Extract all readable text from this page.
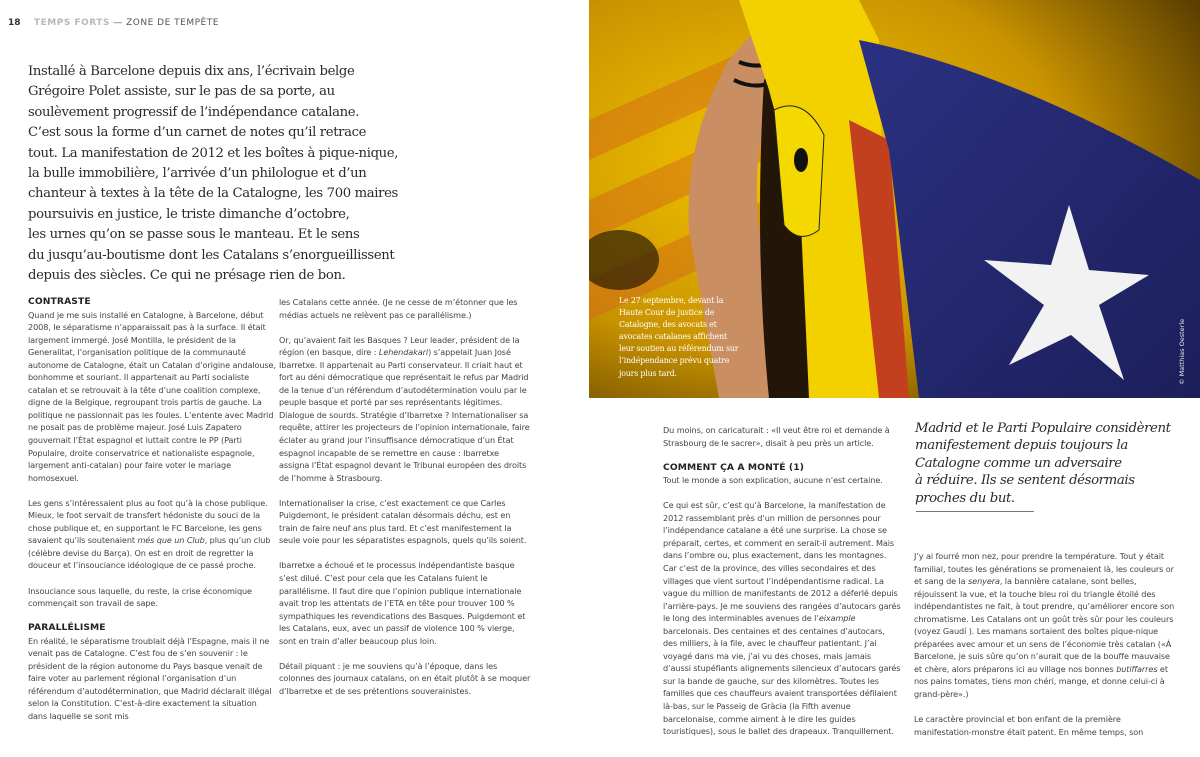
18 TEMPS FORTS — ZONE DE TEMPÊTE

Installé à Barcelone depuis dix ans, l’écrivain belge

Grégoire Polet assiste, sur le pas de sa porte, au

soulèvement progressif de l’indépendance catalane.

C’est sous la forme d’un carnet de notes qu’il retrace

tout. La manifestation de 2012 et les boîtes à pique-nique,

la bulle immobilière, l’arrivée d’un philologue et d’un

chanteur à textes à la tête de la Catalogne, les 700 maires

poursuivis en justice, le triste dimanche d’octobre,

les urnes qu’on se passe sous le manteau. Et le sens

du jusqu’au-boutisme dont les Catalans s’enorgueillissent

depuis des siècles. Ce qui ne présage rien de bon.

CONTRASTE

Quand je me suis installé en Catalogne, à Barcelone, début 2008, le séparatisme n’apparaissait pas à la surface. Il était largement immergé. José Montilla, le président de la Generalitat, l’organisation politique de la communauté autonome de Catalogne, était un Catalan d’origine andalouse, bonhomme et souriant. Il appartenait au Parti socialiste catalan et se retrouvait à la tête d’une coalition complexe, digne de la Belgique, regroupant trois partis de gauche. La politique ne passionnait pas les foules. L’entente avec Madrid ne posait pas de problème majeur. José Luis Zapatero gouvernait l’État espagnol et luttait contre le PP (Parti Populaire, droite conservatrice et nationaliste espagnole, largement anti-catalan) pour faire voter le mariage homosexuel.

Les gens s’intéressaient plus au foot qu’à la chose publique. Mieux, le foot servait de transfert hédoniste du souci de la chose publique et, en supportant le FC Barcelone, les gens savaient qu’ils soutenaient més que un Club, plus qu’un club (célèbre devise du Barça). On est en droit de regretter la douceur et l’insouciance idéologique de ce passé proche.

Insouciance sous laquelle, du reste, la crise économique commençait son travail de sape.

PARALLÉLISME

En réalité, le séparatisme troublait déjà l’Espagne, mais il ne venait pas de Catalogne. C’est fou de s’en souvenir : le président de la région autonome du Pays basque venait de faire voter au parlement régional l’organisation d’un référendum d’autodétermination, que Madrid déclarait illégal selon la Constitution. C’est-à-dire exactement la situation dans laquelle se sont mis

les Catalans cette année. (Je ne cesse de m’étonner que les médias actuels ne relèvent pas ce parallélisme.)

Or, qu’avaient fait les Basques ? Leur leader, président de la région (en basque, dire : Lehendakari) s’appelait Juan José Ibarretxe. Il appartenait au Parti conservateur. Il criait haut et fort au déni démocratique que représentait le refus par Madrid de la tenue d’un référendum d’autodétermination voulu par le peuple basque et porté par ses représentants légitimes. Dialogue de sourds. Stratégie d’Ibarretxe ? Internationaliser sa requête, attirer les projecteurs de l’opinion internationale, faire éclater au grand jour l’insuffisance démocratique d’un État espagnol incapable de se remettre en cause : Ibarretxe assigna l’État espagnol devant le Tribunal européen des droits de l’homme à Strasbourg.

Internationaliser la crise, c’est exactement ce que Carles Puigdemont, le président catalan désormais déchu, est en train de faire neuf ans plus tard. Et c’est manifestement la seule voie pour les séparatistes espagnols, quels qu’ils soient.

Ibarretxe a échoué et le processus indépendantiste basque s’est dilué. C’est pour cela que les Catalans fuient le parallélisme. Il faut dire que l’opinion publique internationale avait trop les attentats de l’ETA en tête pour trouver 100 % sympathiques les revendications des Basques. Puigdemont et les Catalans, eux, avec un passif de violence 100 % vierge, sont en train d’aller beaucoup plus loin.

Détail piquant : je me souviens qu’à l’époque, dans les colonnes des journaux catalans, on en était plutôt à se moquer d’Ibarretxe et de ses prétentions souverainistes.

Le 27 septembre, devant la

Haute Cour de justice de

Catalogne, des avocats et

avocates catalanes affichent

leur soutien au référendum sur

l’indépendance prévu quatre

jours plus tard.	© Matthias Oesterle

Du moins, on caricaturait : «Il veut être roi et demande à Strasbourg de le sacrer», disait à peu près un article.

COMMENT ÇA A MONTÉ (1)

Tout le monde a son explication, aucune n’est certaine.

Ce qui est sûr, c’est qu’à Barcelone, la manifestation de 2012 rassemblant près d’un million de personnes pour l’indépendance catalane a été une surprise. La chose se préparait, certes, et comment en serait-il autrement. Mais dans l’ombre ou, plus exactement, dans les montagnes. Car c’est de la province, des villes secondaires et des villages que vient surtout l’indépendantisme radical. La vague du million de manifestants de 2012 a déferlé depuis l’arrière-pays. Je me souviens des rangées d’autocars garés le long des interminables avenues de l’eixample barcelonais. Des centaines et des centaines d’autocars, des milliers, à la file, avec le chauffeur patientant. J’ai voyagé dans ma vie, j’ai vu des choses, mais jamais d’aussi stupéfiants alignements silencieux d’autocars garés sur la bande de gauche, sur des kilomètres. Toutes les familles que ces chauffeurs avaient transportées défilaient là-bas, sur le Passeig de Gràcia (la Fifth avenue barcelonaise, comme aiment à le dire les guides touristiques), sous le ballet des drapeaux. Tranquillement.

Madrid et le Parti Populaire considèrent

manifestement depuis toujours la

Catalogne comme un adversaire

à réduire. Ils se sentent désormais

proches du but.

J’y ai fourré mon nez, pour prendre la température. Tout y était familial, toutes les générations se promenaient là, les couleurs or et sang de la senyera, la bannière catalane, sont belles, réjouissent la vue, et la touche bleu roi du triangle étoilé des indépendantistes ne fait, à tout prendre, qu’améliorer encore son chromatisme. Les Catalans ont un goût très sûr pour les couleurs (voyez Gaudí ). Les mamans sortaient des boîtes pique-nique préparées avec amour et un sens de l’économie très catalan («À Barcelone, je suis sûre qu’on n’aurait que de la bouffe mauvaise et chère, alors préparons ici au village nos bonnes butiffarres et nos pains tomates, tiens mon chéri, mange, et donne celui-ci à grand-père».)

Le caractère provincial et bon enfant de la première manifestation-monstre était patent. En même temps, son
